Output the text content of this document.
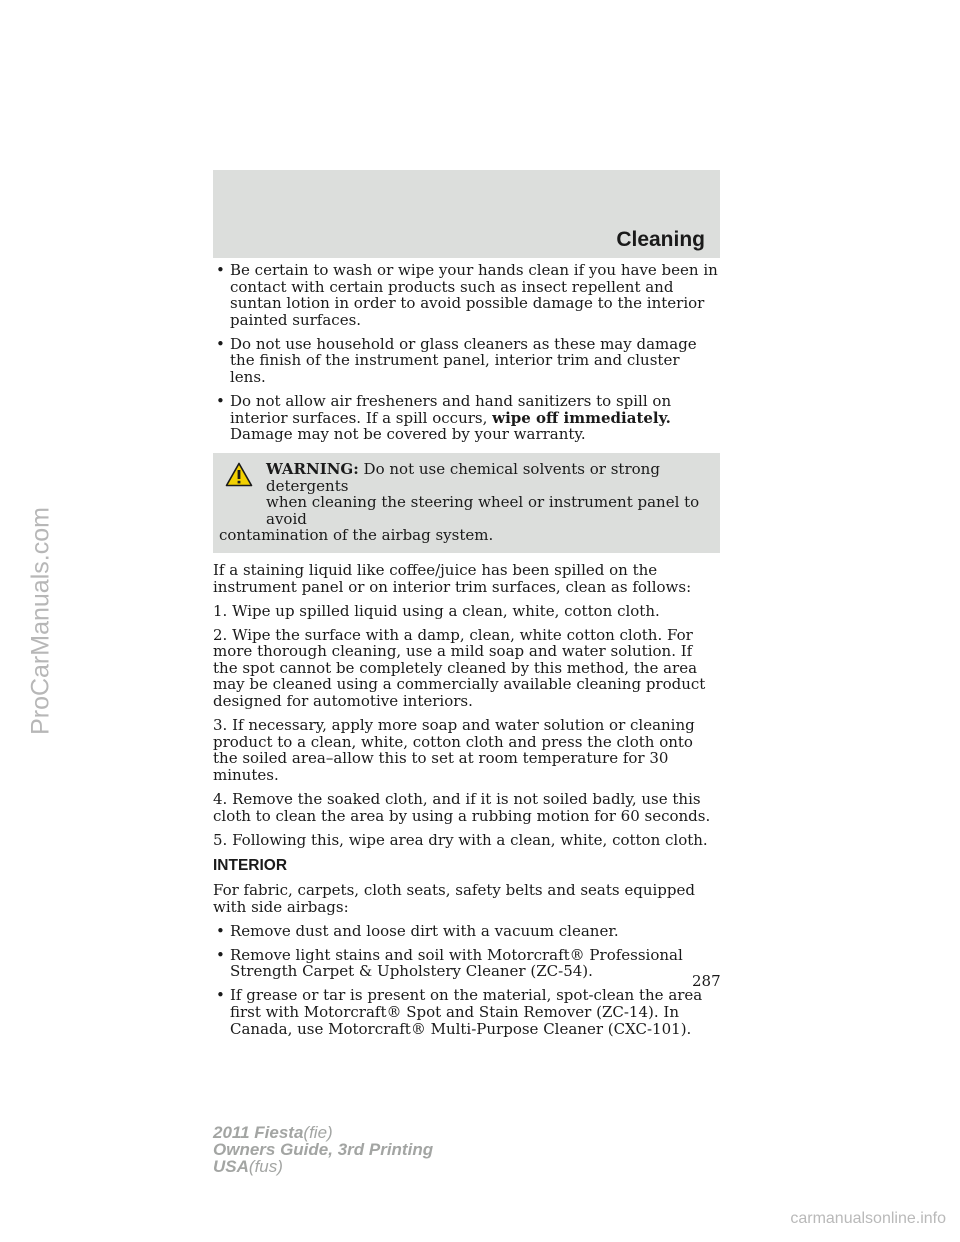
Cleaning
• Be certain to wash or wipe your hands clean if you have been in contact with certain products such as insect repellent and suntan lotion in order to avoid possible damage to the interior painted surfaces.
• Do not use household or glass cleaners as these may damage the finish of the instrument panel, interior trim and cluster lens.
• Do not allow air fresheners and hand sanitizers to spill on interior surfaces. If a spill occurs, wipe off immediately. Damage may not be covered by your warranty.
WARNING: Do not use chemical solvents or strong detergents
when cleaning the steering wheel or instrument panel to avoid
contamination of the airbag system.

If a staining liquid like coffee/juice has been spilled on the instrument panel or on interior trim surfaces, clean as follows:

1. Wipe up spilled liquid using a clean, white, cotton cloth.

2. Wipe the surface with a damp, clean, white cotton cloth. For more thorough cleaning, use a mild soap and water solution. If the spot cannot be completely cleaned by this method, the area may be cleaned using a commercially available cleaning product designed for automotive interiors.

3. If necessary, apply more soap and water solution or cleaning product to a clean, white, cotton cloth and press the cloth onto the soiled area–allow this to set at room temperature for 30 minutes.

4. Remove the soaked cloth, and if it is not soiled badly, use this cloth to clean the area by using a rubbing motion for 60 seconds.

5. Following this, wipe area dry with a clean, white, cotton cloth.

INTERIOR

For fabric, carpets, cloth seats, safety belts and seats equipped with side airbags:

• Remove dust and loose dirt with a vacuum cleaner.
• Remove light stains and soil with Motorcraft® Professional Strength Carpet & Upholstery Cleaner (ZC-54).
• If grease or tar is present on the material, spot-clean the area first with Motorcraft® Spot and Stain Remover (ZC-14). In Canada, use Motorcraft® Multi-Purpose Cleaner (CXC-101).
287
2011 Fiesta(fie)
Owners Guide, 3rd Printing
USA(fus)
ProCarManuals.com
carmanualsonline.info
